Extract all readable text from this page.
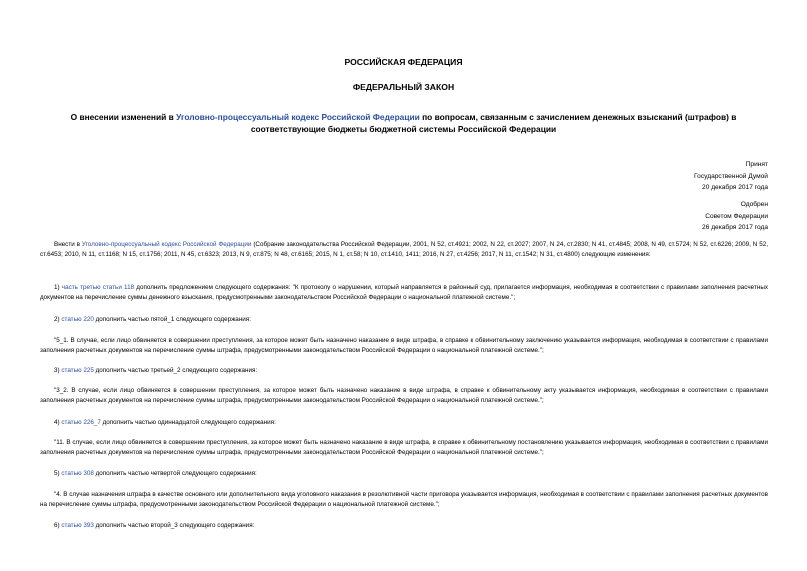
РОССИЙСКАЯ ФЕДЕРАЦИЯ
ФЕДЕРАЛЬНЫЙ ЗАКОН
О внесении изменений в Уголовно-процессуальный кодекс Российской Федерации по вопросам, связанным с зачислением денежных взысканий (штрафов) в соответствующие бюджеты бюджетной системы Российской Федерации
Принят
Государственной Думой
20 декабря 2017 года
Одобрен
Советом Федерации
26 декабря 2017 года
Внести в Уголовно-процессуальный кодекс Российской Федерации (Собрание законодательства Российской Федерации, 2001, N 52, ст.4921; 2002, N 22, ст.2027; 2007, N 24, ст.2830; N 41, ст.4845; 2008, N 49, ст.5724; N 52, ст.6226; 2009, N 52, ст.6453; 2010, N 11, ст.1168; N 15, ст.1756; 2011, N 45, ст.6323; 2013, N 9, ст.875; N 48, ст.6165; 2015, N 1, ст.58; N 10, ст.1410, 1411; 2016, N 27, ст.4256; 2017, N 11, ст.1542; N 31, ст.4800) следующие изменения:
1) часть третью статьи 118 дополнить предложением следующего содержания: "К протоколу о нарушении, который направляется в районный суд, прилагается информация, необходимая в соответствии с правилами заполнения расчетных документов на перечисление суммы денежного взыскания, предусмотренными законодательством Российской Федерации о национальной платежной системе.";
2) статью 220 дополнить частью пятой_1 следующего содержания:
"5_1. В случае, если лицо обвиняется в совершении преступления, за которое может быть назначено наказание в виде штрафа, в справке к обвинительному заключению указывается информация, необходимая в соответствии с правилами заполнения расчетных документов на перечисление суммы штрафа, предусмотренными законодательством Российской Федерации о национальной платежной системе.";
3) статью 225 дополнить частью третьей_2 следующего содержания:
"3_2. В случае, если лицо обвиняется в совершении преступления, за которое может быть назначено наказание в виде штрафа, в справке к обвинительному акту указывается информация, необходимая в соответствии с правилами заполнения расчетных документов на перечисление суммы штрафа, предусмотренными законодательством Российской Федерации о национальной платежной системе.";
4) статью 226_7 дополнить частью одиннадцатой следующего содержания:
"11. В случае, если лицо обвиняется в совершении преступления, за которое может быть назначено наказание в виде штрафа, в справке к обвинительному постановлению указывается информация, необходимая в соответствии с правилами заполнения расчетных документов на перечисление суммы штрафа, предусмотренными законодательством Российской Федерации о национальной платежной системе.";
5) статью 308 дополнить частью четвертой следующего содержания:
"4. В случае назначения штрафа в качестве основного или дополнительного вида уголовного наказания в резолютивной части приговора указывается информация, необходимая в соответствии с правилами заполнения расчетных документов на перечисление суммы штрафа, предусмотренными законодательством Российской Федерации о национальной платежной системе.";
6) статью 393 дополнить частью второй_3 следующего содержания:
